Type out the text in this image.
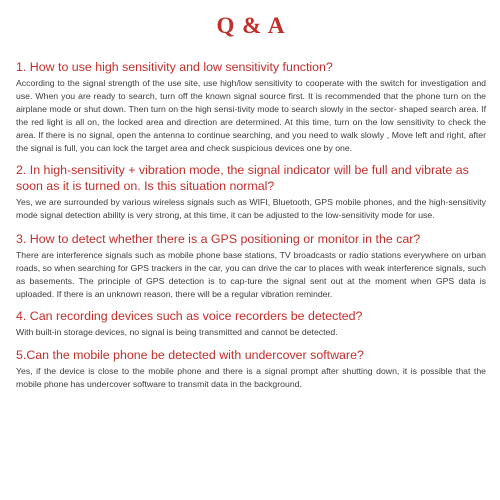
Q & A
1. How to use high sensitivity and low sensitivity function?

According to the signal strength of the use site, use high/low sensitivity to cooperate with the switch for investigation and use. When you are ready to search, turn off the known signal source first. It is recommended that the phone turn on the airplane mode or shut down. Then turn on the high sensi-tivity mode to search slowly in the sector- shaped search area. If the red light is all on, the locked area and direction are determined. At this time, turn on the low sensitivity to check the area. If there is no signal, open the antenna to continue searching, and you need to walk slowly , Move left and right, after the signal is full, you can lock the target area and check suspicious devices one by one.

2. In high-sensitivity + vibration mode, the signal indicator will be full and vibrate as soon as it is turned on. Is this situation normal?

Yes, we are surrounded by various wireless signals such as WIFI, Bluetooth, GPS mobile phones, and the high-sensitivity mode signal detection ability is very strong, at this time, it can be adjusted to the low-sensitivity mode for use.

3. How to detect whether there is a GPS positioning or monitor in the car?

There are interference signals such as mobile phone base stations, TV broadcasts or radio stations everywhere on urban roads, so when searching for GPS trackers in the car, you can drive the car to places with weak interference signals, such as basements. The principle of GPS detection is to cap-ture the signal sent out at the moment when GPS data is uploaded. If there is an unknown reason, there will be a regular vibration reminder.

4. Can recording devices such as voice recorders be detected?

With built-in storage devices, no signal is being transmitted and cannot be detected.

5.Can the mobile phone be detected with undercover software?

Yes, if the device is close to the mobile phone and there is a signal prompt after shutting down, it is possible that the mobile phone has undercover software to transmit data in the background.
